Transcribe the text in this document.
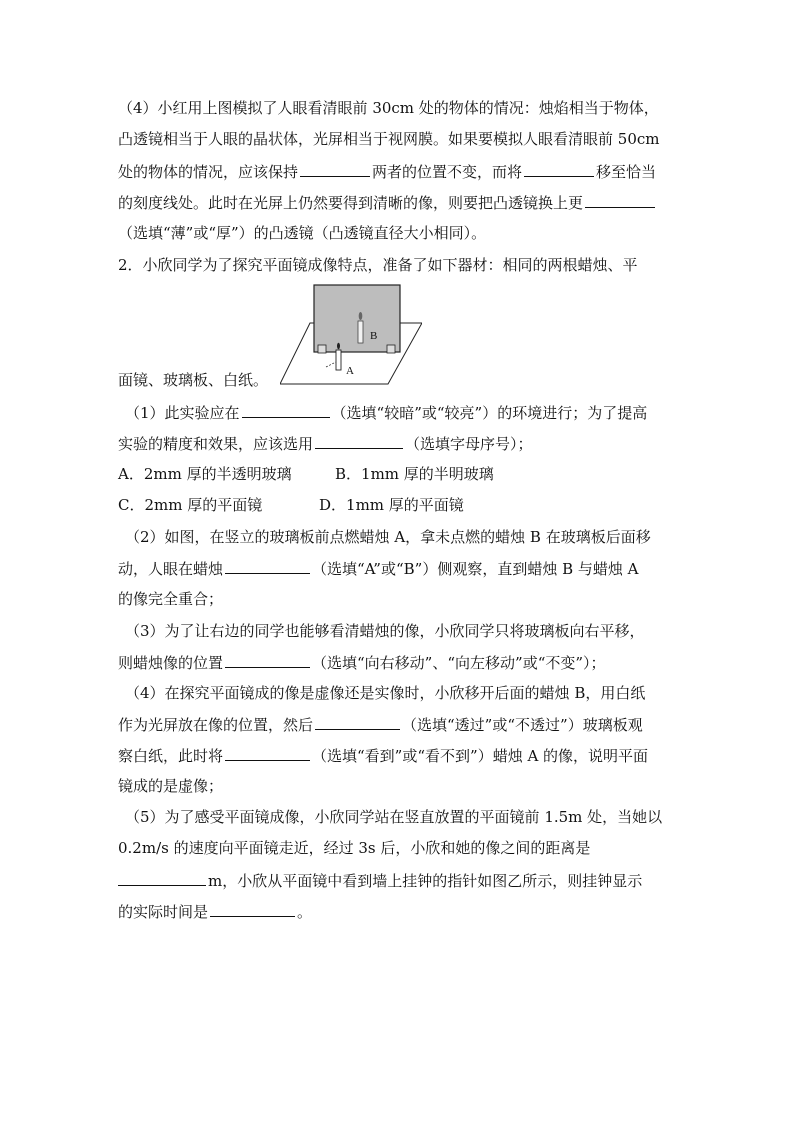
（4）小红用上图模拟了人眼看清眼前 30cm 处的物体的情况：烛焰相当于物体，
凸透镜相当于人眼的晶状体，光屏相当于视网膜。如果要模拟人眼看清眼前 50cm
处的物体的情况，应该保持	两者的位置不变，而将	移至恰当
的刻度线处。此时在光屏上仍然要得到清晰的像，则要把凸透镜换上更
（选填“薄”或“厚”）的凸透镜（凸透镜直径大小相同）。
2．小欣同学为了探究平面镜成像特点，准备了如下器材：相同的两根蜡烛、平
B
A
面镜、玻璃板、白纸。
（1）此实验应在	（选填“较暗”或“较亮”）的环境进行；为了提高
实验的精度和效果，应该选用	（选填字母序号）；
A．2mm 厚的半透明玻璃	B．1mm 厚的半明玻璃
C．2mm 厚的平面镜	D．1mm 厚的平面镜
（2）如图，在竖立的玻璃板前点燃蜡烛 A，拿未点燃的蜡烛 B 在玻璃板后面移
动，人眼在蜡烛	（选填“A”或“B”）侧观察，直到蜡烛 B 与蜡烛 A
的像完全重合；
（3）为了让右边的同学也能够看清蜡烛的像，小欣同学只将玻璃板向右平移，
则蜡烛像的位置	（选填“向右移动”、“向左移动”或“不变”）；
（4）在探究平面镜成的像是虚像还是实像时，小欣移开后面的蜡烛 B，用白纸
作为光屏放在像的位置，然后	（选填“透过”或“不透过”）玻璃板观
察白纸，此时将	（选填“看到”或“看不到”）蜡烛 A 的像，说明平面
镜成的是虚像；
（5）为了感受平面镜成像，小欣同学站在竖直放置的平面镜前 1.5m 处，当她以
0.2m/s 的速度向平面镜走近，经过 3s 后，小欣和她的像之间的距离是
m，小欣从平面镜中看到墙上挂钟的指针如图乙所示，则挂钟显示
的实际时间是	。
